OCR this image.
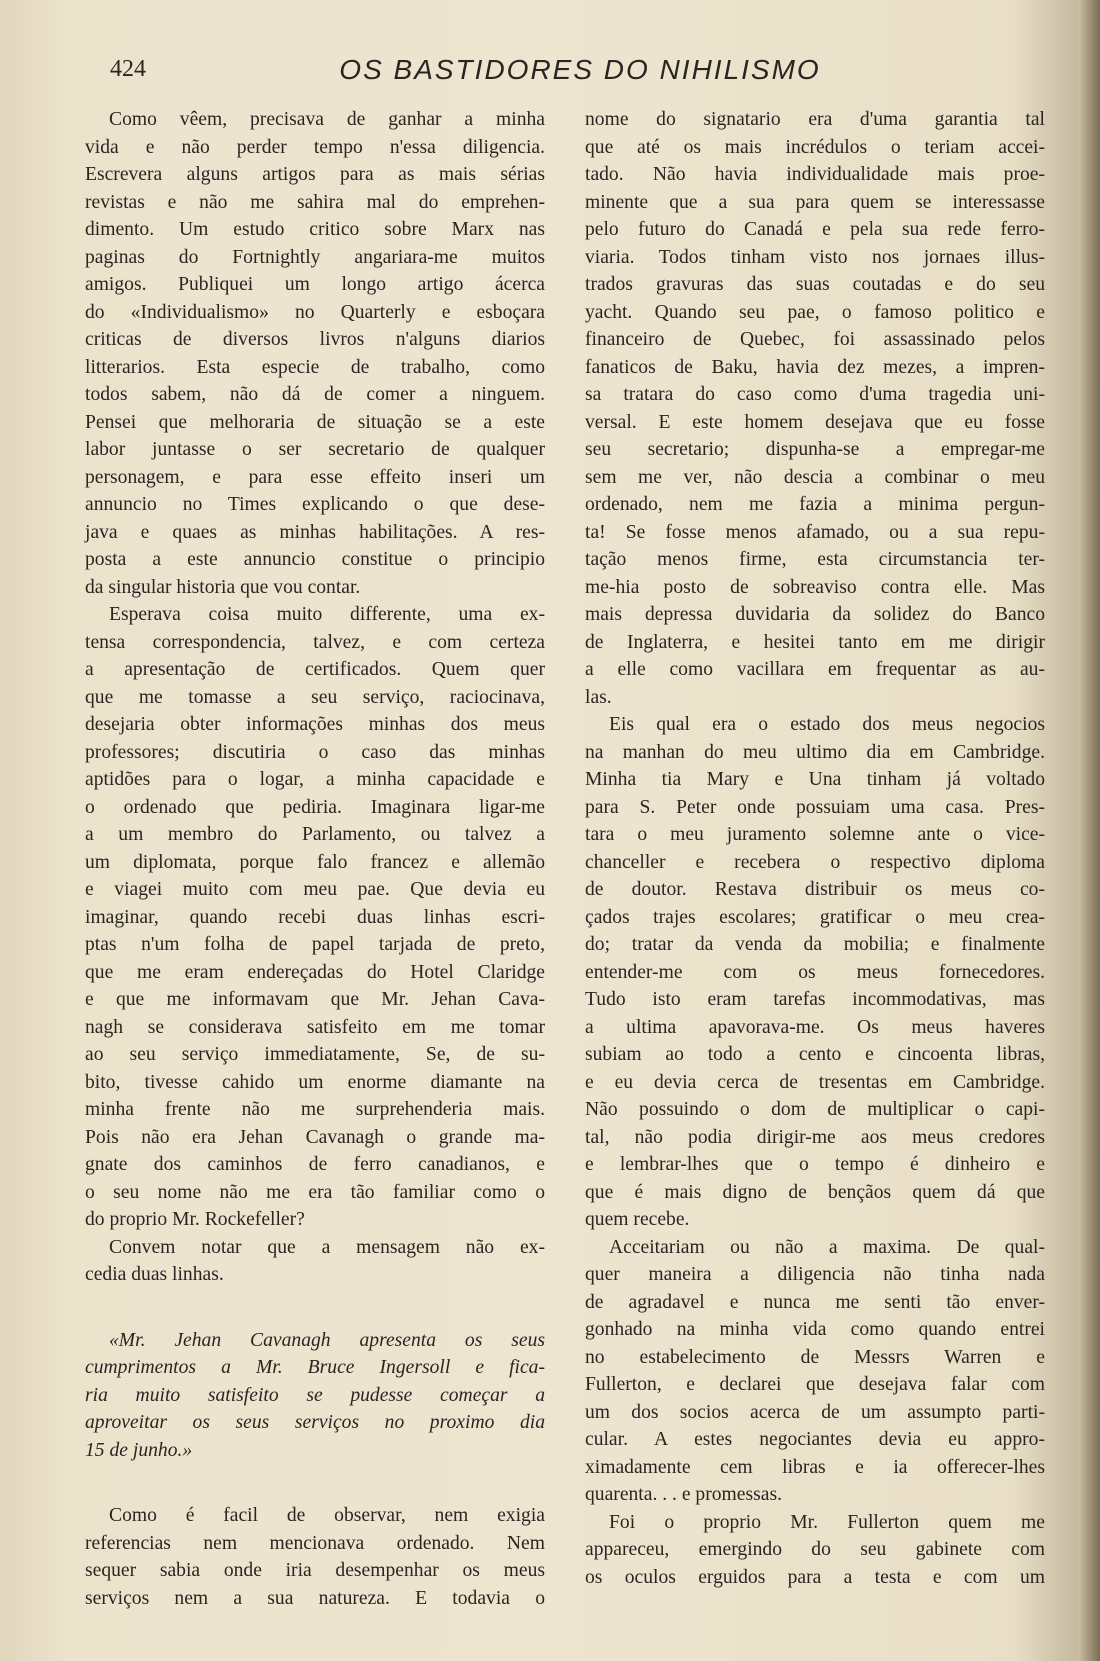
424	OS BASTIDORES DO NIHILISMO
Como vêem, precisava de ganhar a minha
vida e não perder tempo n'essa diligencia.
Escrevera alguns artigos para as mais sérias
revistas e não me sahira mal do emprehen-
dimento. Um estudo critico sobre Marx nas
paginas do Fortnightly angariara-me muitos
amigos. Publiquei um longo artigo ácerca
do «Individualismo» no Quarterly e esboçara
criticas de diversos livros n'alguns diarios
litterarios. Esta especie de trabalho, como
todos sabem, não dá de comer a ninguem.
Pensei que melhoraria de situação se a este
labor juntasse o ser secretario de qualquer
personagem, e para esse effeito inseri um
annuncio no Times explicando o que dese-
java e quaes as minhas habilitações. A res-
posta a este annuncio constitue o principio
da singular historia que vou contar.
Esperava coisa muito differente, uma ex-
tensa correspondencia, talvez, e com certeza
a apresentação de certificados. Quem quer
que me tomasse a seu serviço, raciocinava,
desejaria obter informações minhas dos meus
professores; discutiria o caso das minhas
aptidões para o logar, a minha capacidade e
o ordenado que pediria. Imaginara ligar-me
a um membro do Parlamento, ou talvez a
um diplomata, porque falo francez e allemão
e viagei muito com meu pae. Que devia eu
imaginar, quando recebi duas linhas escri-
ptas n'um folha de papel tarjada de preto,
que me eram endereçadas do Hotel Claridge
e que me informavam que Mr. Jehan Cava-
nagh se considerava satisfeito em me tomar
ao seu serviço immediatamente, Se, de su-
bito, tivesse cahido um enorme diamante na
minha frente não me surprehenderia mais.
Pois não era Jehan Cavanagh o grande ma-
gnate dos caminhos de ferro canadianos, e
o seu nome não me era tão familiar como o
do proprio Mr. Rockefeller?
Convem notar que a mensagem não ex-
cedia duas linhas.
«Mr. Jehan Cavanagh apresenta os seus
cumprimentos a Mr. Bruce Ingersoll e fica-
ria muito satisfeito se pudesse começar a
aproveitar os seus serviços no proximo dia
15 de junho.»
Como é facil de observar, nem exigia
referencias nem mencionava ordenado. Nem
sequer sabia onde iria desempenhar os meus
serviços nem a sua natureza. E todavia o
nome do signatario era d'uma garantia tal
que até os mais incrédulos o teriam accei-
tado. Não havia individualidade mais proe-
minente que a sua para quem se interessasse
pelo futuro do Canadá e pela sua rede ferro-
viaria. Todos tinham visto nos jornaes illus-
trados gravuras das suas coutadas e do seu
yacht. Quando seu pae, o famoso politico e
financeiro de Quebec, foi assassinado pelos
fanaticos de Baku, havia dez mezes, a impren-
sa tratara do caso como d'uma tragedia uni-
versal. E este homem desejava que eu fosse
seu secretario; dispunha-se a empregar-me
sem me ver, não descia a combinar o meu
ordenado, nem me fazia a minima pergun-
ta! Se fosse menos afamado, ou a sua repu-
tação menos firme, esta circumstancia ter-
me-hia posto de sobreaviso contra elle. Mas
mais depressa duvidaria da solidez do Banco
de Inglaterra, e hesitei tanto em me dirigir
a elle como vacillara em frequentar as au-
las.
Eis qual era o estado dos meus negocios
na manhan do meu ultimo dia em Cambridge.
Minha tia Mary e Una tinham já voltado
para S. Peter onde possuiam uma casa. Pres-
tara o meu juramento solemne ante o vice-
chanceller e recebera o respectivo diploma
de doutor. Restava distribuir os meus co-
çados trajes escolares; gratificar o meu crea-
do; tratar da venda da mobilia; e finalmente
entender-me com os meus fornecedores.
Tudo isto eram tarefas incommodativas, mas
a ultima apavorava-me. Os meus haveres
subiam ao todo a cento e cincoenta libras,
e eu devia cerca de tresentas em Cambridge.
Não possuindo o dom de multiplicar o capi-
tal, não podia dirigir-me aos meus credores
e lembrar-lhes que o tempo é dinheiro e
que é mais digno de bençãos quem dá que
quem recebe.
Acceitariam ou não a maxima. De qual-
quer maneira a diligencia não tinha nada
de agradavel e nunca me senti tão enver-
gonhado na minha vida como quando entrei
no estabelecimento de Messrs Warren e
Fullerton, e declarei que desejava falar com
um dos socios acerca de um assumpto parti-
cular. A estes negociantes devia eu appro-
ximadamente cem libras e ia offerecer-lhes
quarenta. . . e promessas.
Foi o proprio Mr. Fullerton quem me
appareceu, emergindo do seu gabinete com
os oculos erguidos para a testa e com um
